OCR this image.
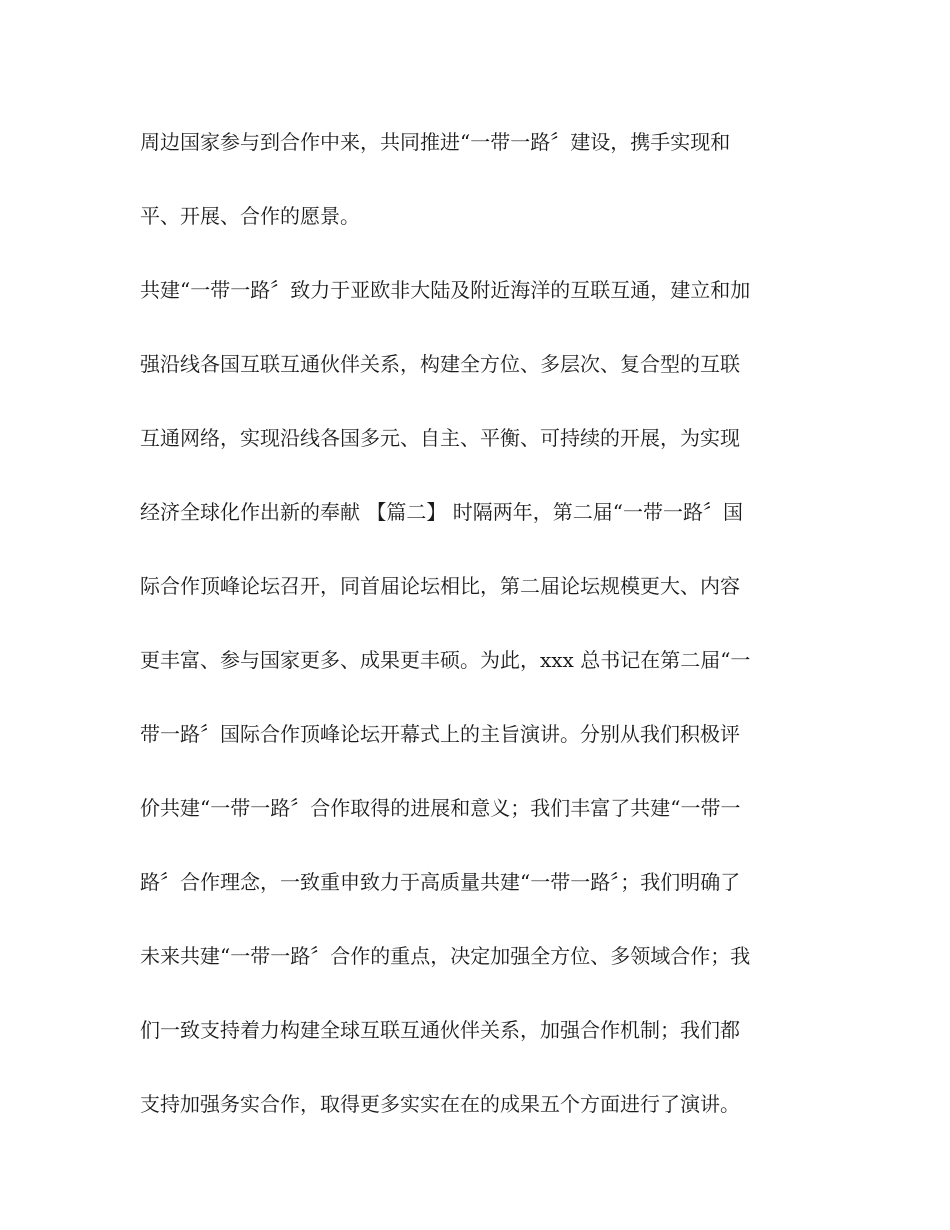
周边国家参与到合作中来，共同推进“一带一路〞建设，携手实现和

平、开展、合作的愿景。

共建“一带一路〞致力于亚欧非大陆及附近海洋的互联互通，建立和加

强沿线各国互联互通伙伴关系，构建全方位、多层次、复合型的互联

互通网络，实现沿线各国多元、自主、平衡、可持续的开展，为实现

经济全球化作出新的奉献 【篇二】 时隔两年，第二届“一带一路〞国

际合作顶峰论坛召开，同首届论坛相比，第二届论坛规模更大、内容

更丰富、参与国家更多、成果更丰硕。为此，xxx 总书记在第二届“一

带一路〞国际合作顶峰论坛开幕式上的主旨演讲。分别从我们积极评

价共建“一带一路〞合作取得的进展和意义；我们丰富了共建“一带一

路〞合作理念，一致重申致力于高质量共建“一带一路〞；我们明确了

未来共建“一带一路〞合作的重点，决定加强全方位、多领域合作；我

们一致支持着力构建全球互联互通伙伴关系，加强合作机制；我们都

支持加强务实合作，取得更多实实在在的成果五个方面进行了演讲。
